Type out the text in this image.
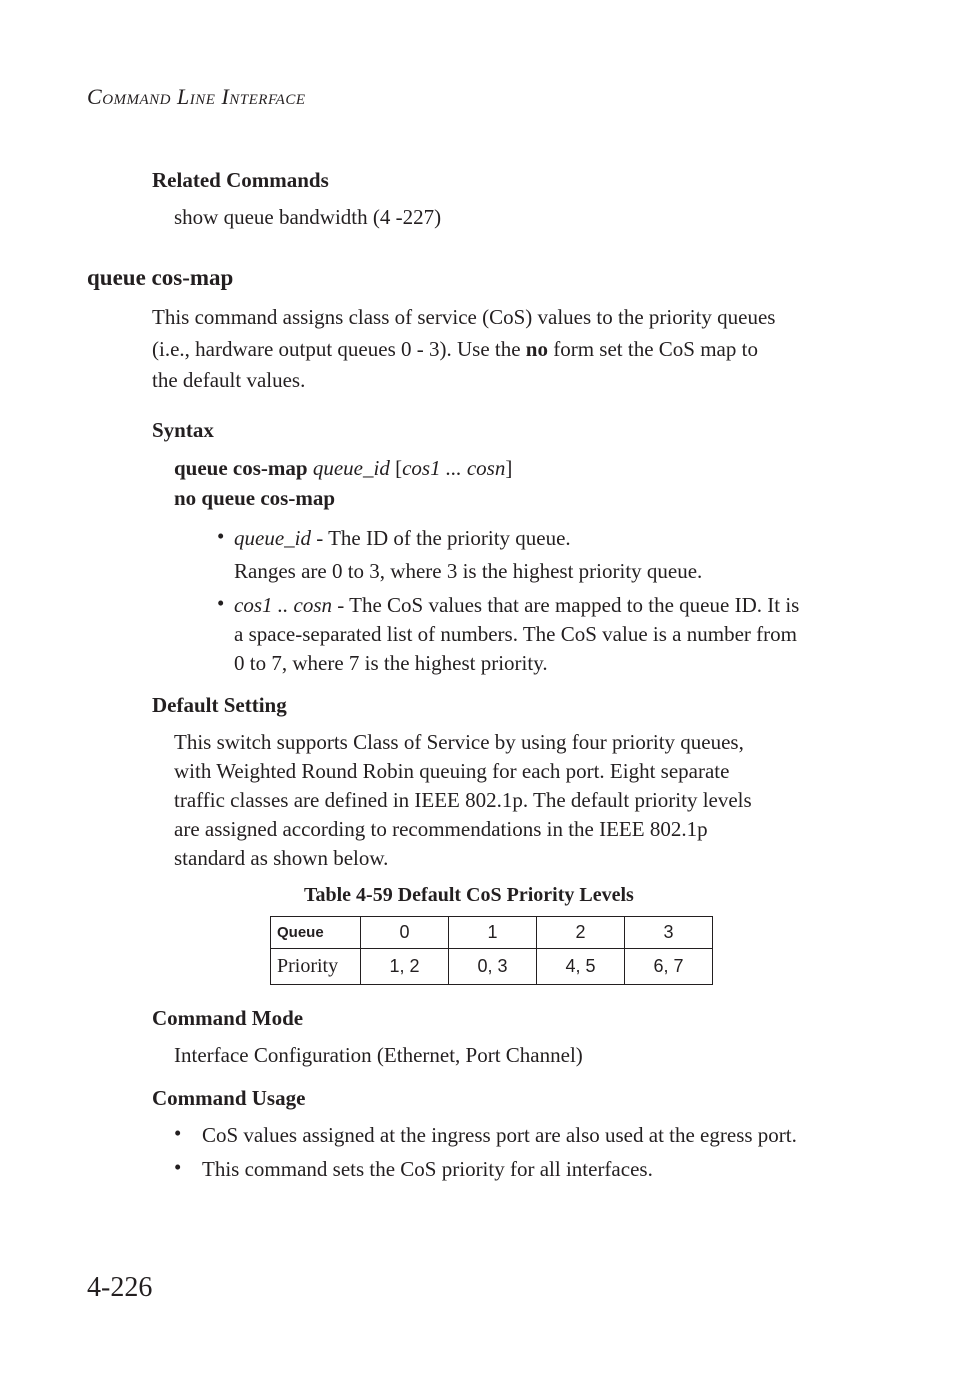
COMMAND LINE INTERFACE
Related Commands
show queue bandwidth (4 -227)
queue cos-map
This command assigns class of service (CoS) values to the priority queues
(i.e., hardware output queues 0 - 3). Use the no form set the CoS map to
the default values.
Syntax
queue cos-map queue_id [cos1 ... cosn]
no queue cos-map
• queue_id - The ID of the priority queue.
Ranges are 0 to 3, where 3 is the highest priority queue.
• cos1 .. cosn - The CoS values that are mapped to the queue ID. It is
a space-separated list of numbers. The CoS value is a number from
0 to 7, where 7 is the highest priority.
Default Setting
This switch supports Class of Service by using four priority queues,
with Weighted Round Robin queuing for each port. Eight separate
traffic classes are defined in IEEE 802.1p. The default priority levels
are assigned according to recommendations in the IEEE 802.1p
standard as shown below.
Table 4-59 Default CoS Priority Levels
Queue	0	1	2	3
Priority	1, 2	0, 3	4, 5	6, 7
Command Mode
Interface Configuration (Ethernet, Port Channel)
Command Usage
• CoS values assigned at the ingress port are also used at the egress port.
• This command sets the CoS priority for all interfaces.
4-226
